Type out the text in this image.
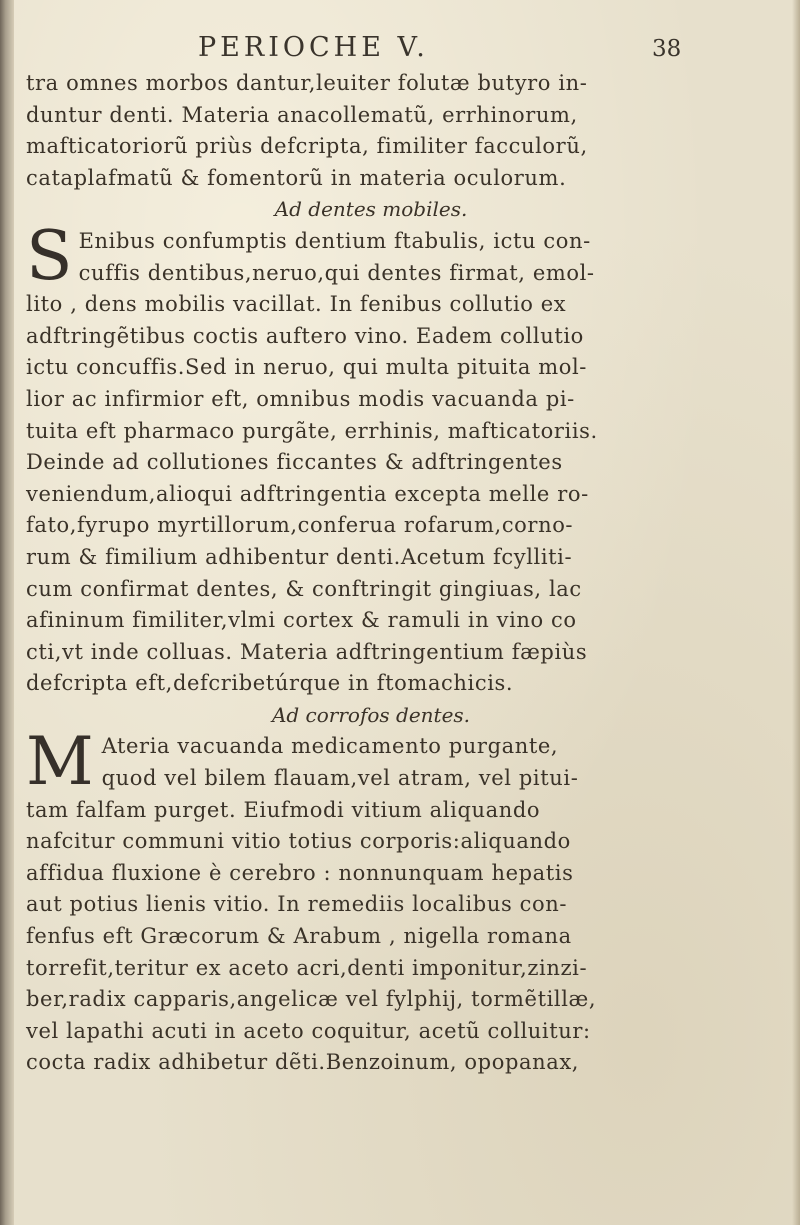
PERIOCHE V.	38
tra omnes morbos dantur,leuiter folutæ butyro in-
duntur denti. Materia anacollematũ, errhinorum,
mafticatoriorũ priùs defcripta, fimiliter facculorũ,
cataplafmatũ & fomentorũ in materia oculorum.
Ad dentes mobiles.
S Enibus confumptis dentium ftabulis, ictu con-
cuffis dentibus,neruo,qui dentes firmat, emol-
lito , dens mobilis vacillat. In fenibus collutio ex
adftringẽtibus coctis auftero vino. Eadem collutio
ictu concuffis.Sed in neruo, qui multa pituita mol-
lior ac infirmior eft, omnibus modis vacuanda pi-
tuita eft pharmaco purgãte, errhinis, mafticatoriis.
Deinde ad collutiones ficcantes & adftringentes
veniendum,alioqui adftringentia excepta melle ro-
fato,fyrupo myrtillorum,conferua rofarum,corno-
rum & fimilium adhibentur denti.Acetum fcylliti-
cum confirmat dentes, & conftringit gingiuas, lac
afininum fimiliter,vlmi cortex & ramuli in vino co
cti,vt inde colluas. Materia adftringentium fæpiùs
defcripta eft,defcribetúrque in ftomachicis.
Ad corrofos dentes.
M Ateria vacuanda medicamento purgante,
quod vel bilem flauam,vel atram, vel pitui-
tam falfam purget. Eiufmodi vitium aliquando
nafcitur communi vitio totius corporis:aliquando
affidua fluxione è cerebro : nonnunquam hepatis
aut potius lienis vitio. In remediis localibus con-
fenfus eft Græcorum & Arabum , nigella romana
torrefit,teritur ex aceto acri,denti imponitur,zinzi-
ber,radix capparis,angelicæ vel fylphij, tormẽtillæ,
vel lapathi acuti in aceto coquitur, acetũ colluitur:
cocta radix adhibetur dẽti.Benzoinum, opopanax,
